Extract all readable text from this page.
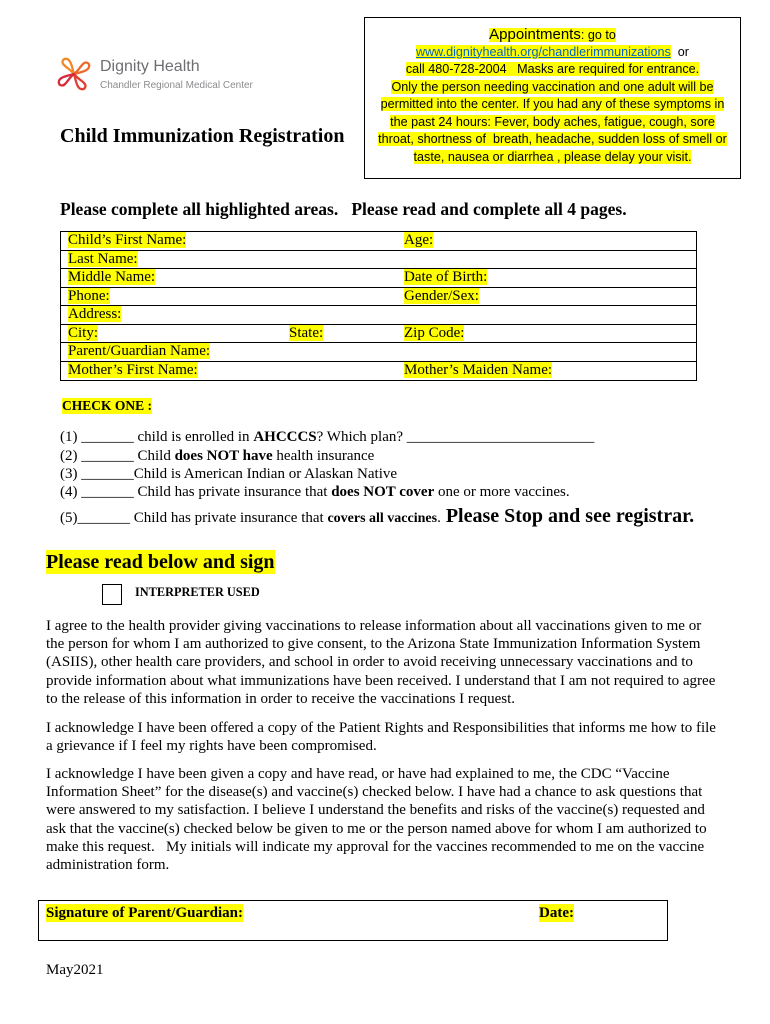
Dignity Health
Chandler Regional Medical Center
Child Immunization Registration
Appointments: go to
www.dignityhealth.org/chandlerimmunizations  or
call 480-728-2004   Masks are required for entrance.
Only the person needing vaccination and one adult will be
permitted into the center. If you had any of these symptoms in
the past 24 hours: Fever, body aches, fatigue, cough, sore
throat, shortness of  breath, headache, sudden loss of smell or
taste, nausea or diarrhea , please delay your visit.
Please complete all highlighted areas.   Please read and complete all 4 pages.
Child’s First Name:	Age:
Last Name:
Middle Name:	Date of Birth:
Phone:	Gender/Sex:
Address:
City:	State:	Zip Code:
Parent/Guardian Name:
Mother’s First Name:	Mother’s Maiden Name:
CHECK ONE :
(1) _______ child is enrolled in AHCCCS? Which plan? _________________________
(2) _______ Child does NOT have health insurance
(3) _______Child is American Indian or Alaskan Native
(4) _______ Child has private insurance that does NOT cover one or more vaccines.
(5)_______ Child has private insurance that covers all vaccines. Please Stop and see registrar.
Please read below and sign
INTERPRETER USED
I agree to the health provider giving vaccinations to release information about all vaccinations given to me or
the person for whom I am authorized to give consent, to the Arizona State Immunization Information System
(ASIIS), other health care providers, and school in order to avoid receiving unnecessary vaccinations and to
provide information about what immunizations have been received. I understand that I am not required to agree
to the release of this information in order to receive the vaccinations I request.
I acknowledge I have been offered a copy of the Patient Rights and Responsibilities that informs me how to file
a grievance if I feel my rights have been compromised.
I acknowledge I have been given a copy and have read, or have had explained to me, the CDC “Vaccine
Information Sheet” for the disease(s) and vaccine(s) checked below. I have had a chance to ask questions that
were answered to my satisfaction. I believe I understand the benefits and risks of the vaccine(s) requested and
ask that the vaccine(s) checked below be given to me or the person named above for whom I am authorized to
make this request.   My initials will indicate my approval for the vaccines recommended to me on the vaccine
administration form.
Signature of Parent/Guardian:	Date:
May2021
